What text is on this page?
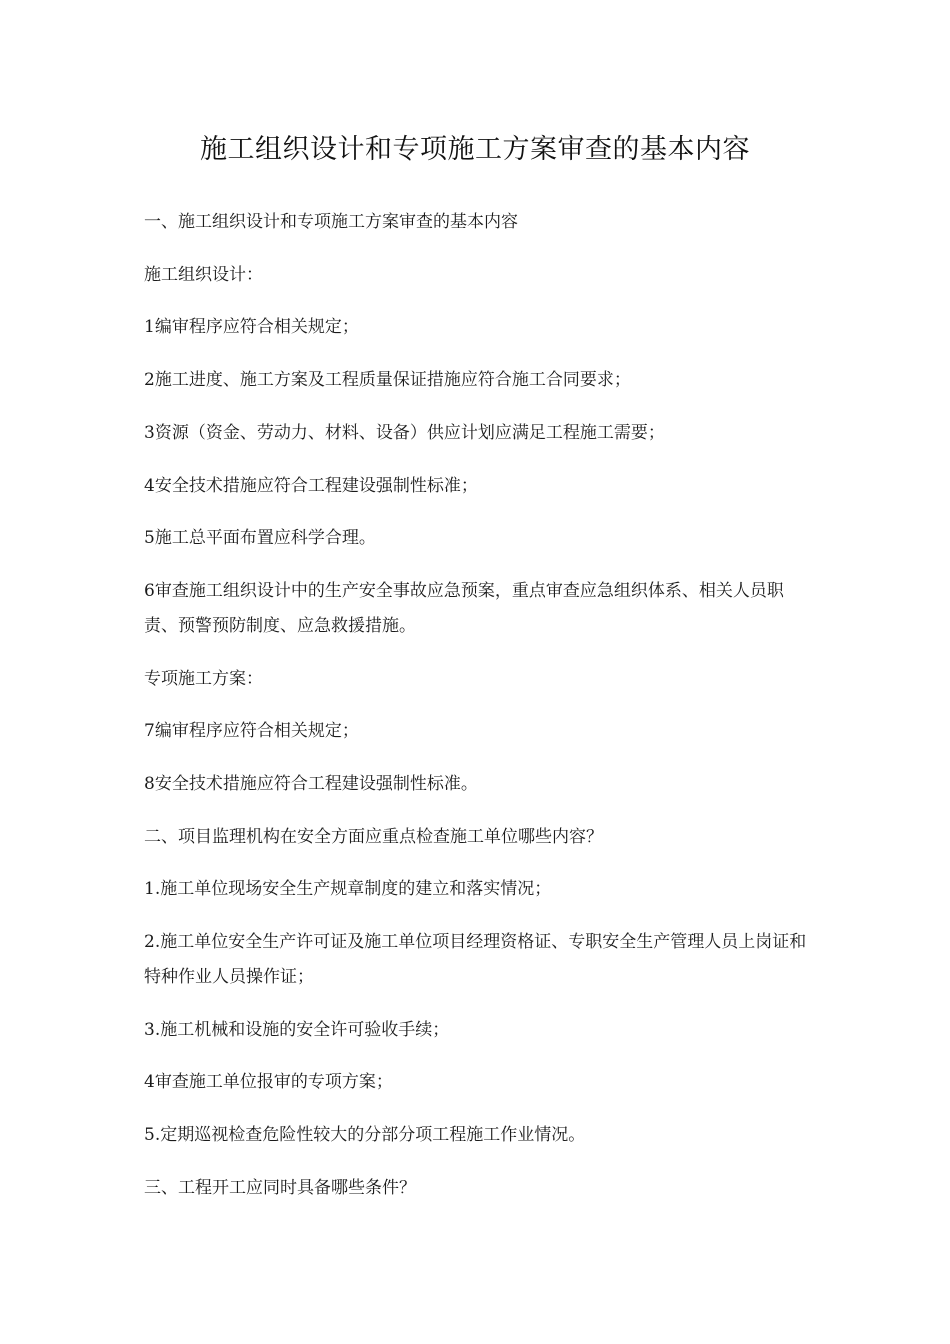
施工组织设计和专项施工方案审查的基本内容
一、施工组织设计和专项施工方案审查的基本内容
施工组织设计：
1编审程序应符合相关规定；
2施工进度、施工方案及工程质量保证措施应符合施工合同要求；
3资源（资金、劳动力、材料、设备）供应计划应满足工程施工需要；
4安全技术措施应符合工程建设强制性标准；
5施工总平面布置应科学合理。
6审查施工组织设计中的生产安全事故应急预案，重点审查应急组织体系、相关人员职责、预警预防制度、应急救援措施。
专项施工方案：
7编审程序应符合相关规定；
8安全技术措施应符合工程建设强制性标准。
二、项目监理机构在安全方面应重点检查施工单位哪些内容？
1.施工单位现场安全生产规章制度的建立和落实情况；
2.施工单位安全生产许可证及施工单位项目经理资格证、专职安全生产管理人员上岗证和特种作业人员操作证；
3.施工机械和设施的安全许可验收手续；
4审查施工单位报审的专项方案；
5.定期巡视检查危险性较大的分部分项工程施工作业情况。
三、工程开工应同时具备哪些条件？
